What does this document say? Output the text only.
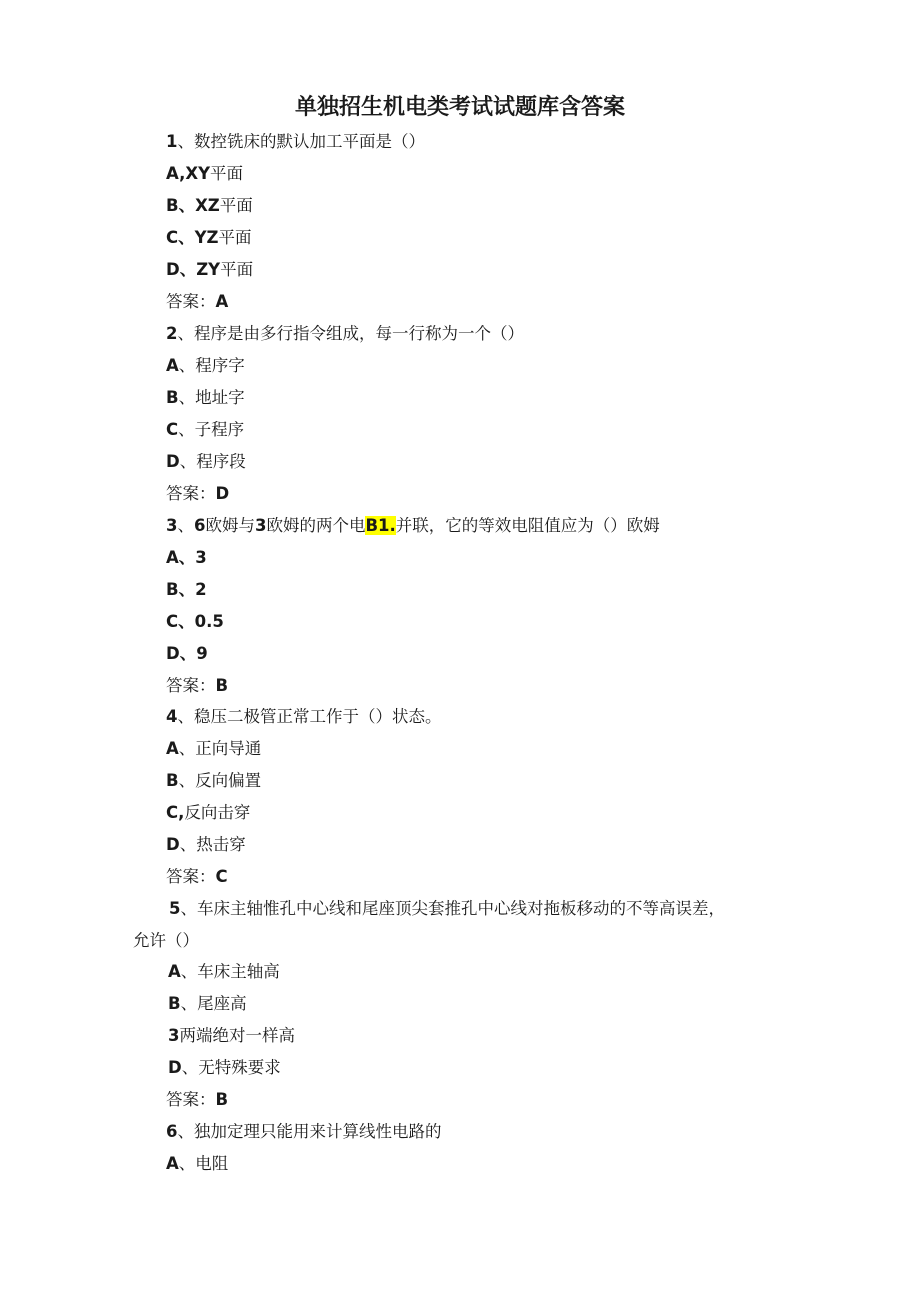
单独招生机电类考试试题库含答案
1、数控铣床的默认加工平面是（）
A,XY平面
B、XZ平面
C、YZ平面
D、ZY平面
答案：A
2、程序是由多行指令组成，每一行称为一个（）
A、程序字
B、地址字
C、子程序
D、程序段
答案：D
3、6欧姆与3欧姆的两个电B1.并联，它的等效电阻值应为（）欧姆
A、3
B、2
C、0.5
D、9
答案：B
4、稳压二极管正常工作于（）状态。
A、正向导通
B、反向偏置
C,反向击穿
D、热击穿
答案：C
5、车床主轴惟孔中心线和尾座顶尖套推孔中心线对拖板移动的不等高误差，
允许（）
A、车床主轴高
B、尾座高
3两端绝对一样高
D、无特殊要求
答案：B
6、独加定理只能用来计算线性电路的
A、电阻
